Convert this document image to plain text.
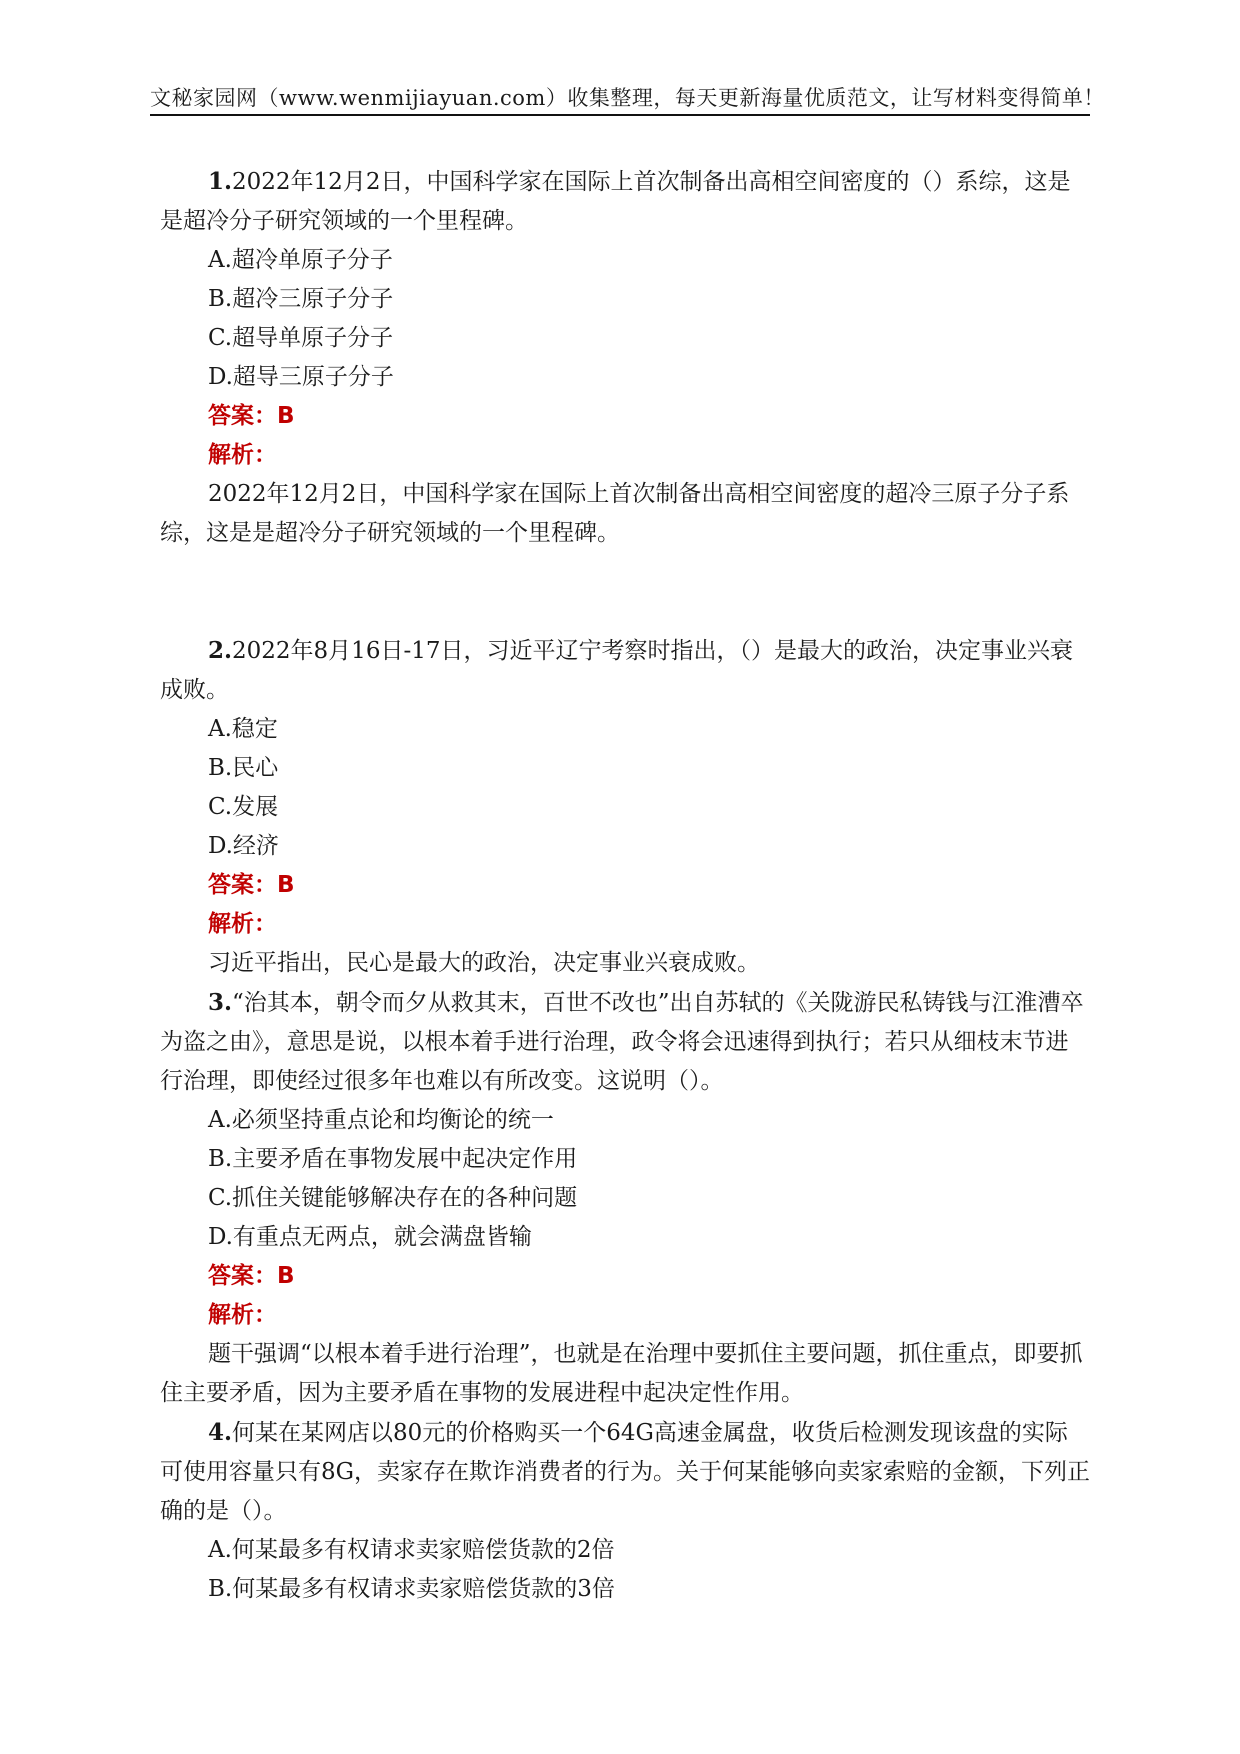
文秘家园网（www.wenmijiayuan.com）收集整理，每天更新海量优质范文，让写材料变得简单！

1.2022年12月2日，中国科学家在国际上首次制备出高相空间密度的（）系综，这是是超冷分子研究领域的一个里程碑。

A.超冷单原子分子

B.超冷三原子分子

C.超导单原子分子

D.超导三原子分子

答案：B

解析：

2022年12月2日，中国科学家在国际上首次制备出高相空间密度的超冷三原子分子系综，这是是超冷分子研究领域的一个里程碑。

2.2022年8月16日-17日，习近平辽宁考察时指出，（）是最大的政治，决定事业兴衰成败。

A.稳定

B.民心

C.发展

D.经济

答案：B

解析：

习近平指出，民心是最大的政治，决定事业兴衰成败。

3.“治其本，朝令而夕从救其末，百世不改也”出自苏轼的《关陇游民私铸钱与江淮漕卒为盗之由》，意思是说，以根本着手进行治理，政令将会迅速得到执行；若只从细枝末节进行治理，即使经过很多年也难以有所改变。这说明（）。

A.必须坚持重点论和均衡论的统一

B.主要矛盾在事物发展中起决定作用

C.抓住关键能够解决存在的各种问题

D.有重点无两点，就会满盘皆输

答案：B

解析：

题干强调“以根本着手进行治理”，也就是在治理中要抓住主要问题，抓住重点，即要抓住主要矛盾，因为主要矛盾在事物的发展进程中起决定性作用。

4.何某在某网店以80元的价格购买一个64G高速金属盘，收货后检测发现该盘的实际可使用容量只有8G，卖家存在欺诈消费者的行为。关于何某能够向卖家索赔的金额，下列正确的是（）。

A.何某最多有权请求卖家赔偿货款的2倍

B.何某最多有权请求卖家赔偿货款的3倍
